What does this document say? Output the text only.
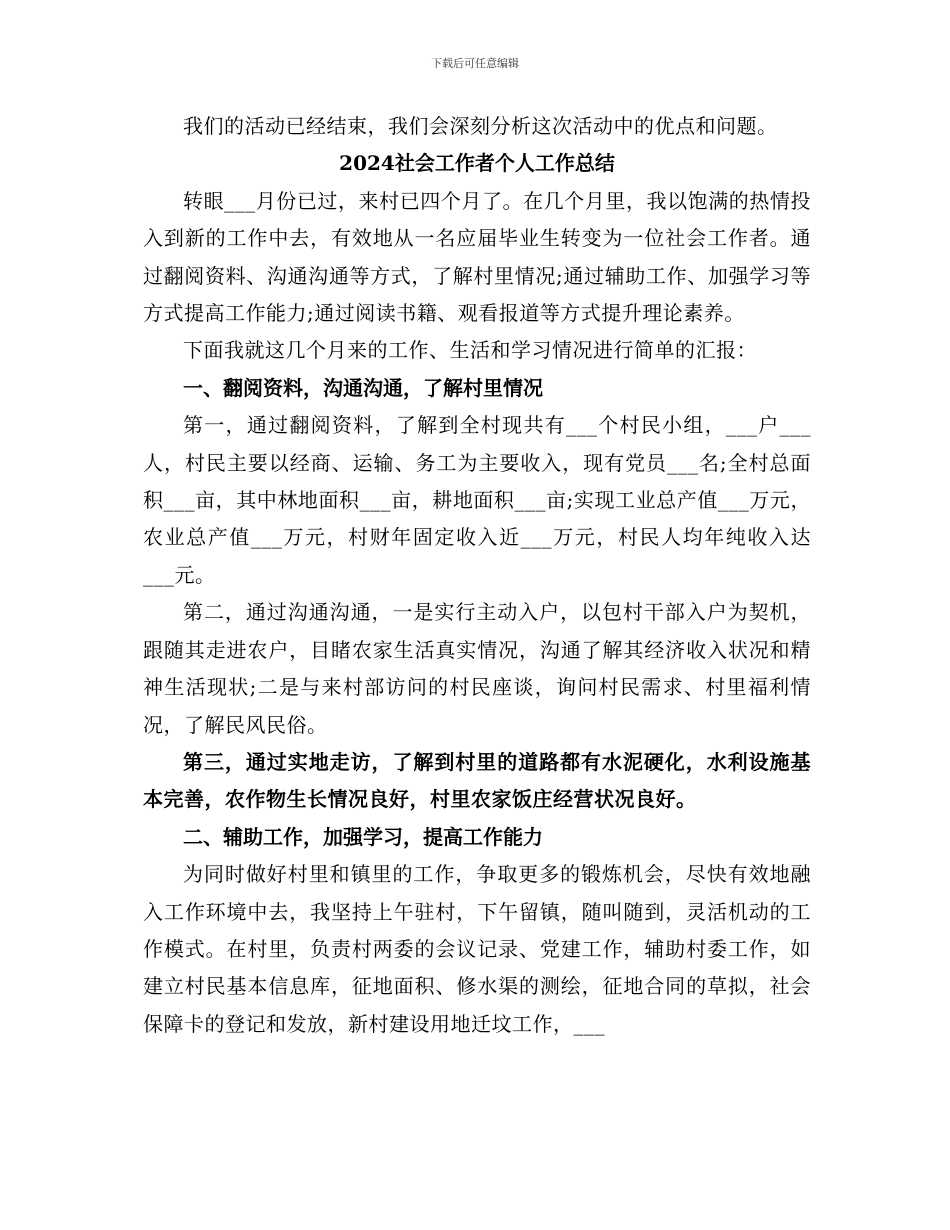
下载后可任意编辑

我们的活动已经结束，我们会深刻分析这次活动中的优点和问题。

2024社会工作者个人工作总结

转眼___月份已过，来村已四个月了。在几个月里，我以饱满的热情投入到新的工作中去，有效地从一名应届毕业生转变为一位社会工作者。通过翻阅资料、沟通沟通等方式，了解村里情况;通过辅助工作、加强学习等方式提高工作能力;通过阅读书籍、观看报道等方式提升理论素养。

下面我就这几个月来的工作、生活和学习情况进行简单的汇报：

一、翻阅资料，沟通沟通，了解村里情况

第一，通过翻阅资料，了解到全村现共有___个村民小组，___户___人，村民主要以经商、运输、务工为主要收入，现有党员___名;全村总面积___亩，其中林地面积___亩，耕地面积___亩;实现工业总产值___万元，农业总产值___万元，村财年固定收入近___万元，村民人均年纯收入达___元。

第二，通过沟通沟通，一是实行主动入户，以包村干部入户为契机，跟随其走进农户，目睹农家生活真实情况，沟通了解其经济收入状况和精神生活现状;二是与来村部访问的村民座谈，询问村民需求、村里福利情况，了解民风民俗。

第三，通过实地走访，了解到村里的道路都有水泥硬化，水利设施基本完善，农作物生长情况良好，村里农家饭庄经营状况良好。

二、辅助工作，加强学习，提高工作能力

为同时做好村里和镇里的工作，争取更多的锻炼机会，尽快有效地融入工作环境中去，我坚持上午驻村，下午留镇，随叫随到，灵活机动的工作模式。在村里，负责村两委的会议记录、党建工作，辅助村委工作，如建立村民基本信息库，征地面积、修水渠的测绘，征地合同的草拟，社会保障卡的登记和发放，新村建设用地迁坟工作，___
